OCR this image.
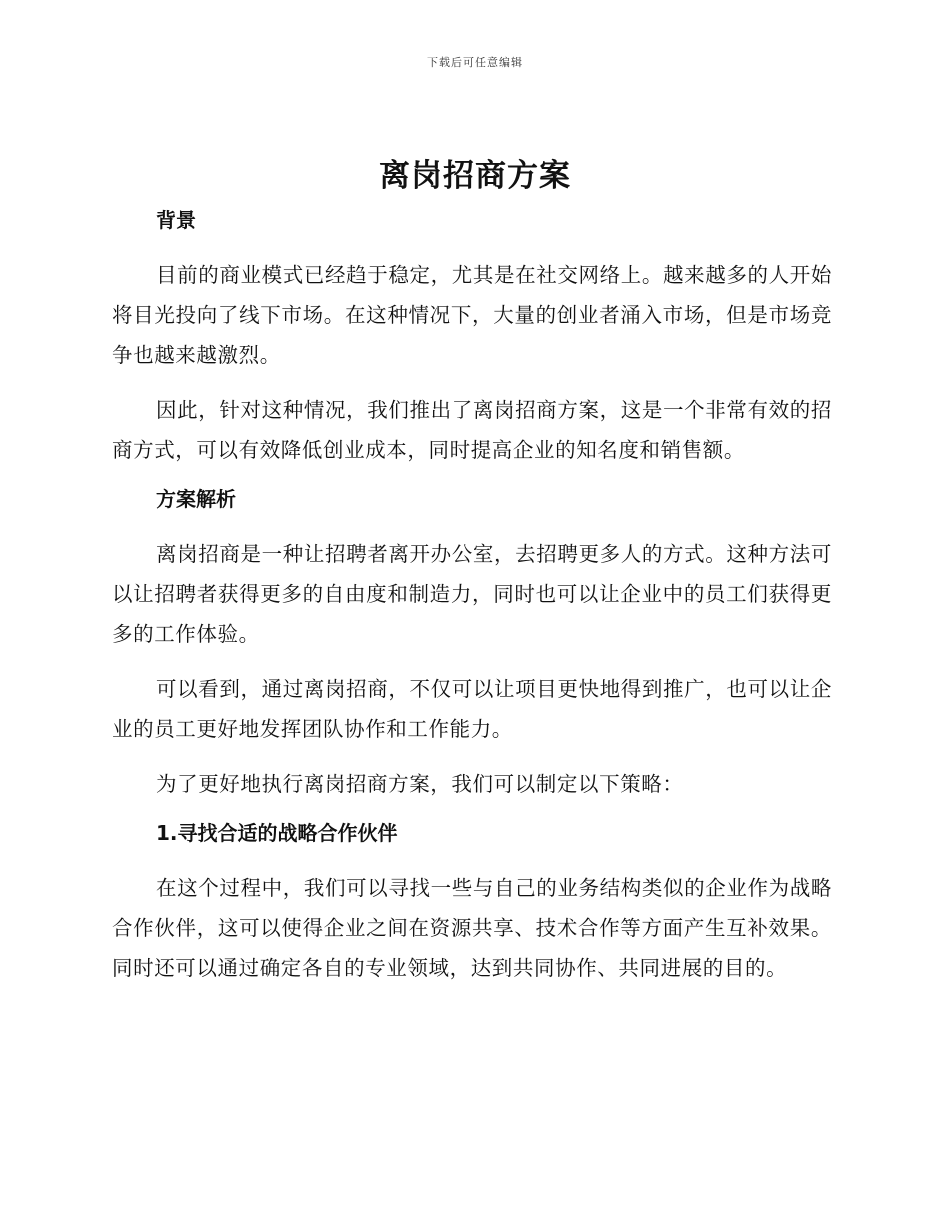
下载后可任意编辑
离岗招商方案
背景

目前的商业模式已经趋于稳定，尤其是在社交网络上。越来越多的人开始将目光投向了线下市场。在这种情况下，大量的创业者涌入市场，但是市场竞争也越来越激烈。

因此，针对这种情况，我们推出了离岗招商方案，这是一个非常有效的招商方式，可以有效降低创业成本，同时提高企业的知名度和销售额。

方案解析

离岗招商是一种让招聘者离开办公室，去招聘更多人的方式。这种方法可以让招聘者获得更多的自由度和制造力，同时也可以让企业中的员工们获得更多的工作体验。

可以看到，通过离岗招商，不仅可以让项目更快地得到推广，也可以让企业的员工更好地发挥团队协作和工作能力。

为了更好地执行离岗招商方案，我们可以制定以下策略：

1.寻找合适的战略合作伙伴

在这个过程中，我们可以寻找一些与自己的业务结构类似的企业作为战略合作伙伴，这可以使得企业之间在资源共享、技术合作等方面产生互补效果。同时还可以通过确定各自的专业领域，达到共同协作、共同进展的目的。
